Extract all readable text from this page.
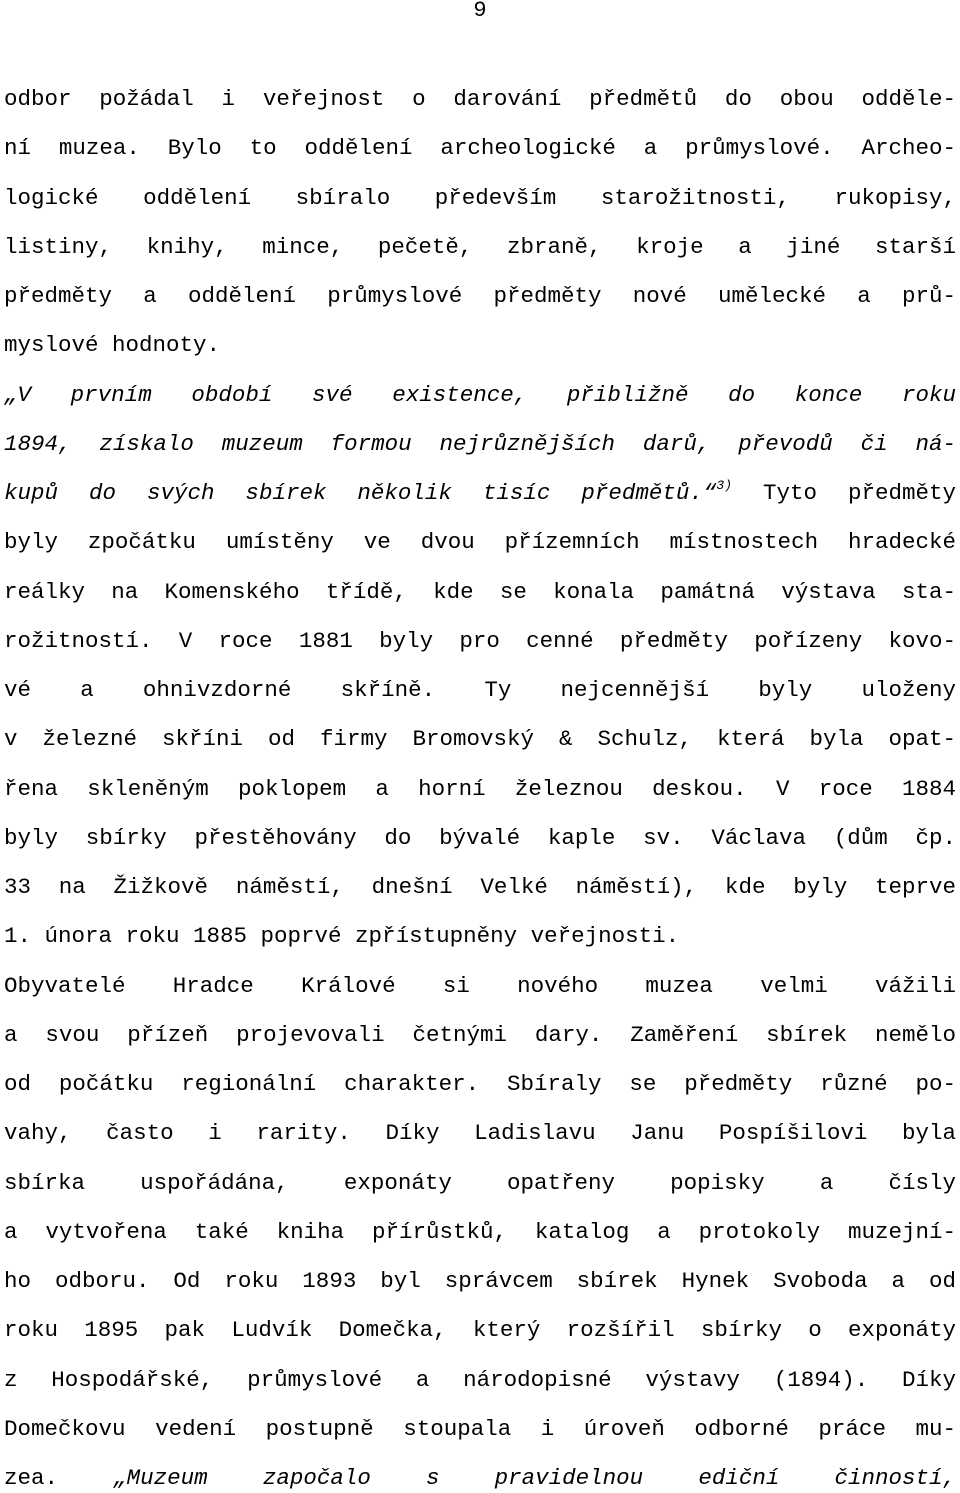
9
odbor požádal i veřejnost o darování předmětů do obou odděle-
ní muzea. Bylo to oddělení archeologické a průmyslové. Archeo-
logické oddělení sbíralo především starožitnosti, rukopisy,
listiny, knihy, mince, pečetě, zbraně, kroje a jiné starší
předměty a oddělení průmyslové předměty nové umělecké a prů-
myslové hodnoty.
„V prvním období své existence, přibližně do konce roku
1894, získalo muzeum formou nejrůznějších darů, převodů či ná-
kupů do svých sbírek několik tisíc předmětů.“$^{3)}$ Tyto předměty
byly zpočátku umístěny ve dvou přízemních místnostech hradecké
reálky na Komenského třídě, kde se konala památná výstava sta-
rožitností. V roce 1881 byly pro cenné předměty pořízeny kovo-
vé a ohnivzdorné skříně. Ty nejcennější byly uloženy
v železné skříni od firmy Bromovský & Schulz, která byla opat-
řena skleněným poklopem a horní železnou deskou. V roce 1884
byly sbírky přestěhovány do bývalé kaple sv. Václava (dům čp.
33 na Žižkově náměstí, dnešní Velké náměstí), kde byly teprve
1. února roku 1885 poprvé zpřístupněny veřejnosti.
Obyvatelé Hradce Králové si nového muzea velmi vážili
a svou přízeň projevovali četnými dary. Zaměření sbírek nemělo
od počátku regionální charakter. Sbíraly se předměty různé po-
vahy, často i rarity. Díky Ladislavu Janu Pospíšilovi byla
sbírka uspořádána, exponáty opatřeny popisky a čísly
a vytvořena také kniha přírůstků, katalog a protokoly muzejní-
ho odboru. Od roku 1893 byl správcem sbírek Hynek Svoboda a od
roku 1895 pak Ludvík Domečka, který rozšířil sbírky o exponáty
z Hospodářské, průmyslové a národopisné výstavy (1894). Díky
Domečkovu vedení postupně stoupala i úroveň odborné práce mu-
zea. „Muzeum započalo s pravidelnou ediční činností,
